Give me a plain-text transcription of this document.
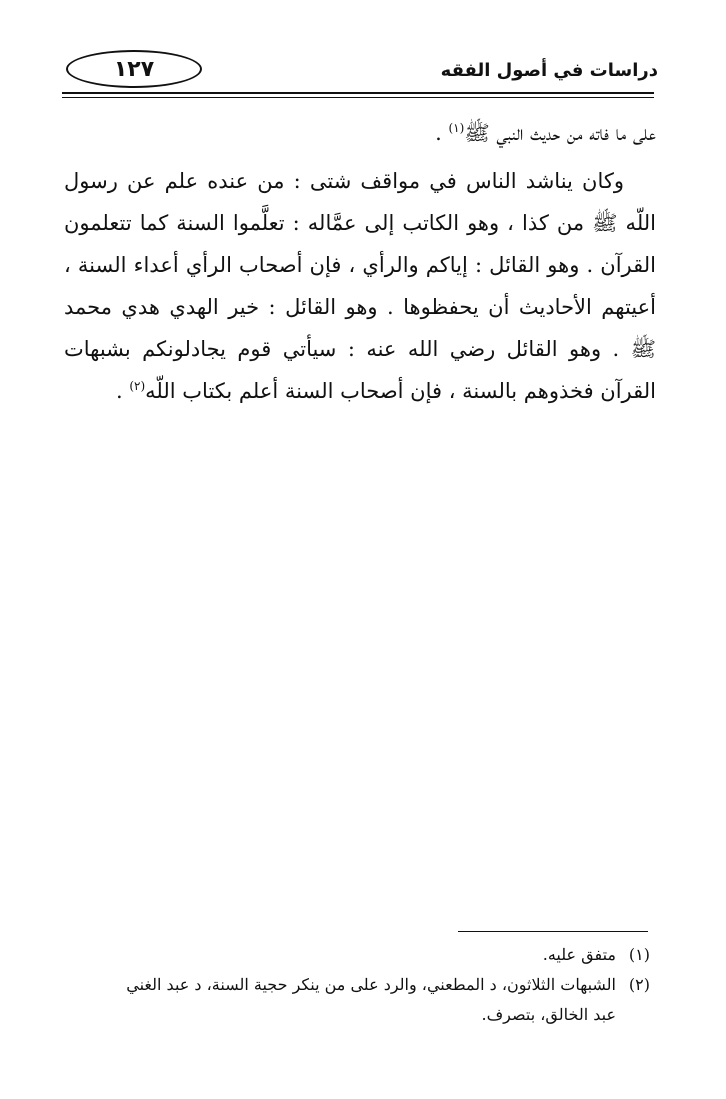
١٢٧	دراسات في أصول الفقه

على ما فاته من حديث النبي ﷺ$^{(١)}$ .

وكان يناشد الناس في مواقف شتى : من عنده علم عن رسول اللّه ﷺ من كذا ، وهو الكاتب إلى عمَّاله : تعلَّموا السنة كما تتعلمون القرآن . وهو القائل : إياكم والرأي ، فإن أصحاب الرأي أعداء السنة ، أعيتهم الأحاديث أن يحفظوها . وهو القائل : خير الهدي هدي محمد ﷺ . وهو القائل رضي الله عنه : سيأتي قوم يجادلونكم بشبهات القرآن فخذوهم بالسنة ، فإن أصحاب السنة أعلم بكتاب اللّه$^{(٢)}$ .

(١)
متفق عليه.
(٢)
الشبهات الثلاثون، د المطعني، والرد على من ينكر حجية السنة، د عبد الغني
عبد الخالق، بتصرف.
